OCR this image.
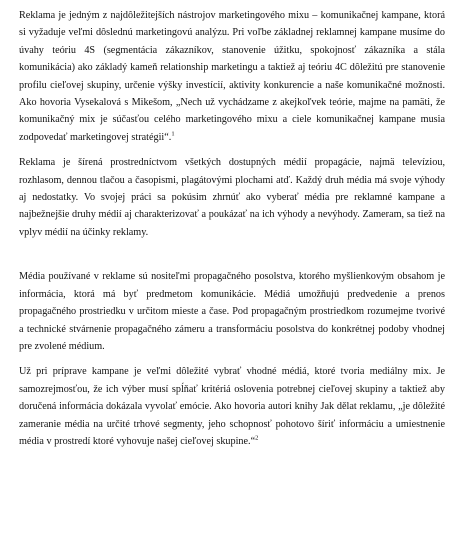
Reklama je jedným z najdôležitejších nástrojov marketingového mixu – komunikačnej kampane, ktorá si vyžaduje veľmi dôslednú marketingovú analýzu. Pri voľbe základnej reklamnej kampane musíme do úvahy teóriu 4S (segmentácia zákazníkov, stanovenie úžitku, spokojnosť zákazníka a stála komunikácia) ako základý kameň relationship marketingu a taktiež aj teóriu 4C dôležitú pre stanovenie profilu cieľovej skupiny, určenie výšky investícií, aktivity konkurencie a naše komunikačné možnosti. Ako hovoria Vysekalová s Mikešom, „Nech už vychádzame z akejkoľvek teórie, majme na pamäti, že komunikačný mix je súčasťou celého marketingového mixu a ciele komunikačnej kampane musia zodpovedať marketingovej stratégii“.$^1$

Reklama je šírená prostredníctvom všetkých dostupných médií propagácie, najmä televíziou, rozhlasom, dennou tlačou a časopismi, plagátovými plochami atď. Každý druh média má svoje výhody aj nedostatky. Vo svojej práci sa pokúsim zhrnúť ako vyberať média pre reklamné kampane a najbežnejšie druhy médií aj charakterizovať a poukázať na ich výhody a nevýhody. Zameram, sa tiež na vplyv médií na účinky reklamy.

Média používané v reklame sú nositeľmi propagačného posolstva, ktorého myšlienkovým obsahom je informácia, ktorá má byť predmetom komunikácie. Médiá umožňujú predvedenie a prenos propagačného prostriedku v určitom mieste a čase. Pod propagačným prostriedkom rozumejme tvorivé a technické stvárnenie propagačného zámeru a transformáciu posolstva do konkrétnej podoby vhodnej pre zvolené médium.

Už pri príprave kampane je veľmi dôležité vybrať vhodné médiá, ktoré tvoria mediálny mix. Je samozrejmosťou, že ich výber musí spĺňať kritériá oslovenia potrebnej cieľovej skupiny a taktiež aby doručená informácia dokázala vyvolať emócie. Ako hovoria autori knihy Jak dělat reklamu, „je dôležité zameranie média na určité trhové segmenty, jeho schopnosť pohotovo šíriť informáciu a umiestnenie média v prostredí ktoré vyhovuje našej cieľovej skupine.“$^2$
